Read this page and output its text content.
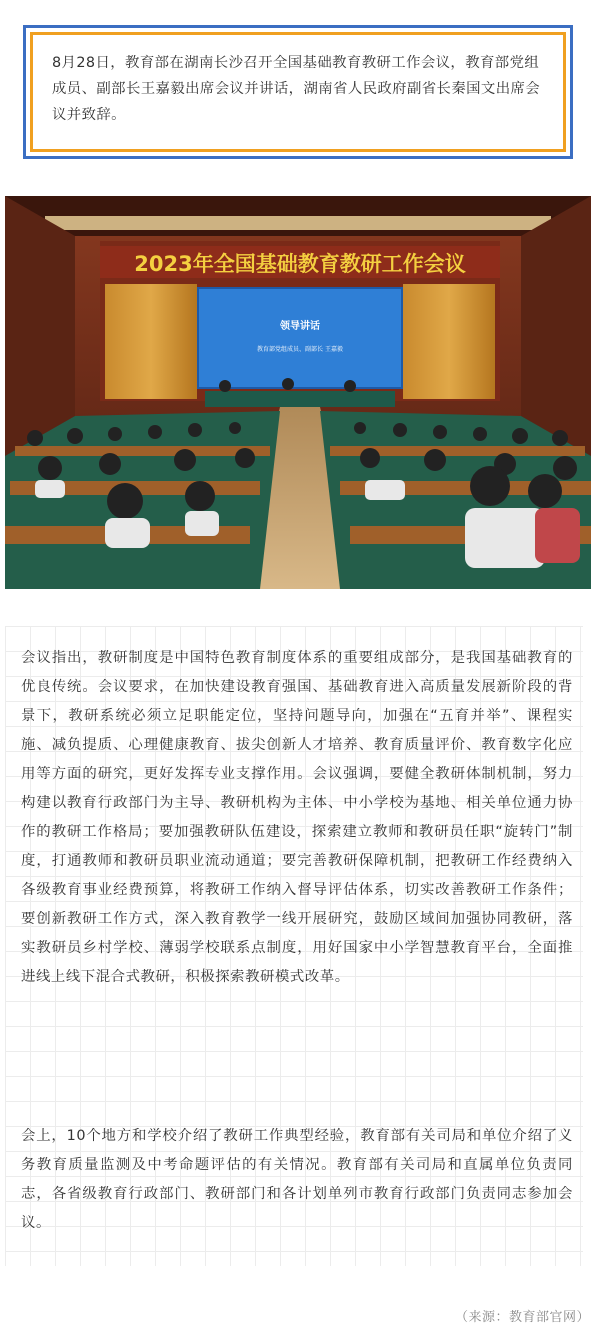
8月28日，教育部在湖南长沙召开全国基础教育教研工作会议，教育部党组成员、副部长王嘉毅出席会议并讲话，湖南省人民政府副省长秦国文出席会议并致辞。

2023年全国基础教育教研工作会议
领导讲话
教育部党组成员、副部长 王嘉毅

会议指出，教研制度是中国特色教育制度体系的重要组成部分，是我国基础教育的优良传统。会议要求，在加快建设教育强国、基础教育进入高质量发展新阶段的背景下，教研系统必须立足职能定位，坚持问题导向，加强在“五育并举”、课程实施、减负提质、心理健康教育、拔尖创新人才培养、教育质量评价、教育数字化应用等方面的研究，更好发挥专业支撑作用。会议强调，要健全教研体制机制，努力构建以教育行政部门为主导、教研机构为主体、中小学校为基地、相关单位通力协作的教研工作格局；要加强教研队伍建设，探索建立教师和教研员任职“旋转门”制度，打通教师和教研员职业流动通道；要完善教研保障机制，把教研工作经费纳入各级教育事业经费预算，将教研工作纳入督导评估体系，切实改善教研工作条件；要创新教研工作方式，深入教育教学一线开展研究，鼓励区域间加强协同教研，落实教研员乡村学校、薄弱学校联系点制度，用好国家中小学智慧教育平台，全面推进线上线下混合式教研，积极探索教研模式改革。

会上，10个地方和学校介绍了教研工作典型经验，教育部有关司局和单位介绍了义务教育质量监测及中考命题评估的有关情况。教育部有关司局和直属单位负责同志，各省级教育行政部门、教研部门和各计划单列市教育行政部门负责同志参加会议。

（来源：教育部官网）
